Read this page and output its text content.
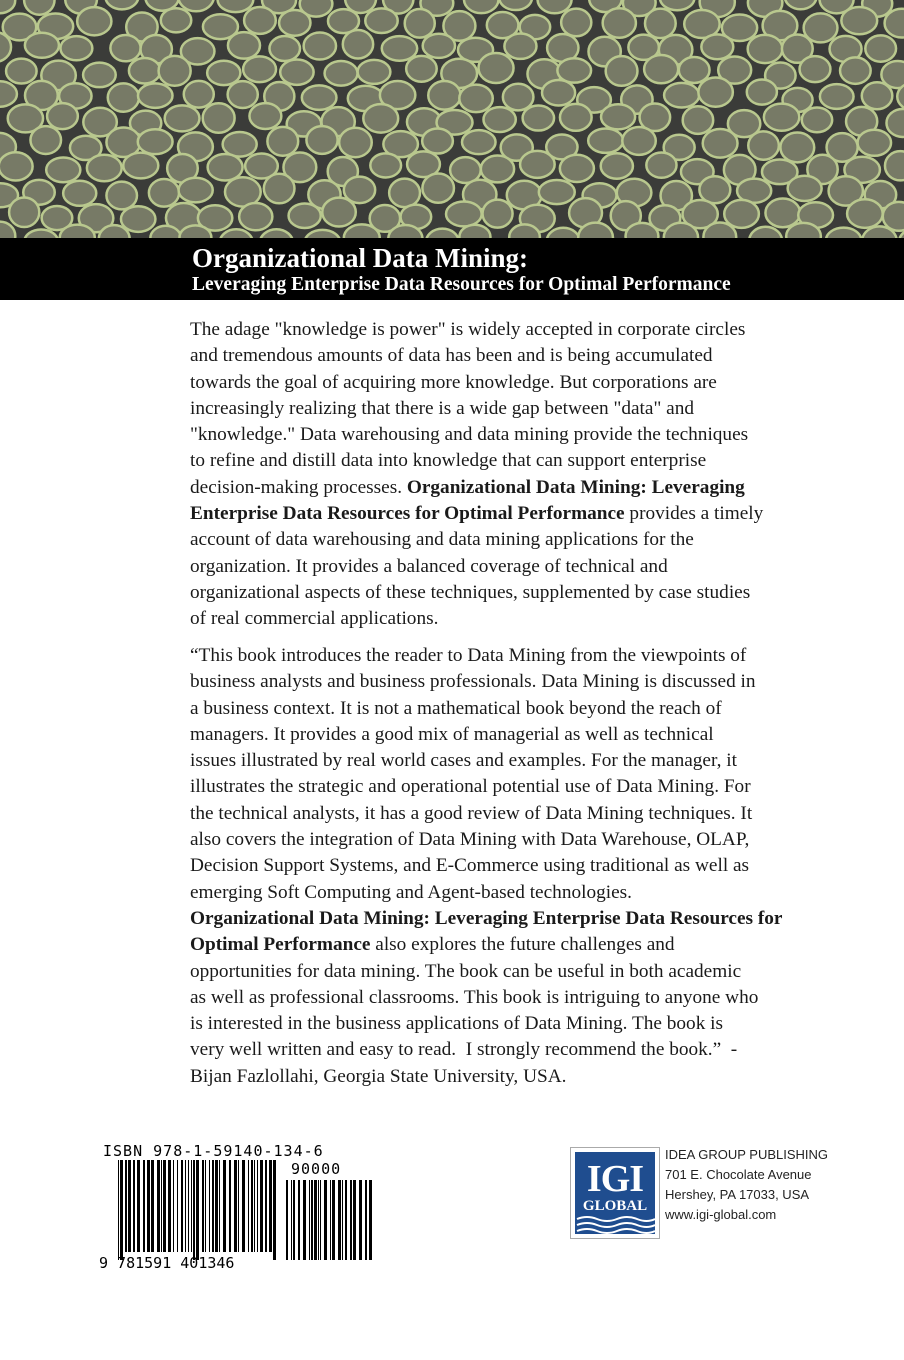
Organizational Data Mining:
Leveraging Enterprise Data Resources for Optimal Performance
The adage "knowledge is power" is widely accepted in corporate circles
and tremendous amounts of data has been and is being accumulated
towards the goal of acquiring more knowledge. But corporations are
increasingly realizing that there is a wide gap between "data" and
"knowledge." Data warehousing and data mining provide the techniques
to refine and distill data into knowledge that can support enterprise
decision-making processes. Organizational Data Mining: Leveraging
Enterprise Data Resources for Optimal Performance provides a timely
account of data warehousing and data mining applications for the
organization. It provides a balanced coverage of technical and
organizational aspects of these techniques, supplemented by case studies
of real commercial applications.
“This book introduces the reader to Data Mining from the viewpoints of
business analysts and business professionals. Data Mining is discussed in
a business context. It is not a mathematical book beyond the reach of
managers. It provides a good mix of managerial as well as technical
issues illustrated by real world cases and examples. For the manager, it
illustrates the strategic and operational potential use of Data Mining. For
the technical analysts, it has a good review of Data Mining techniques. It
also covers the integration of Data Mining with Data Warehouse, OLAP,
Decision Support Systems, and E-Commerce using traditional as well as
emerging Soft Computing and Agent-based technologies.
Organizational Data Mining: Leveraging Enterprise Data Resources for
Optimal Performance also explores the future challenges and
opportunities for data mining. The book can be useful in both academic
as well as professional classrooms. This book is intriguing to anyone who
is interested in the business applications of Data Mining. The book is
very well written and easy to read.  I strongly recommend the book.”  -
Bijan Fazlollahi, Georgia State University, USA.
ISBN 978-1-59140-134-6
90000
9 781591 401346
IGI
GLOBAL
IDEA GROUP PUBLISHING
701 E. Chocolate Avenue
Hershey, PA 17033, USA
www.igi-global.com
